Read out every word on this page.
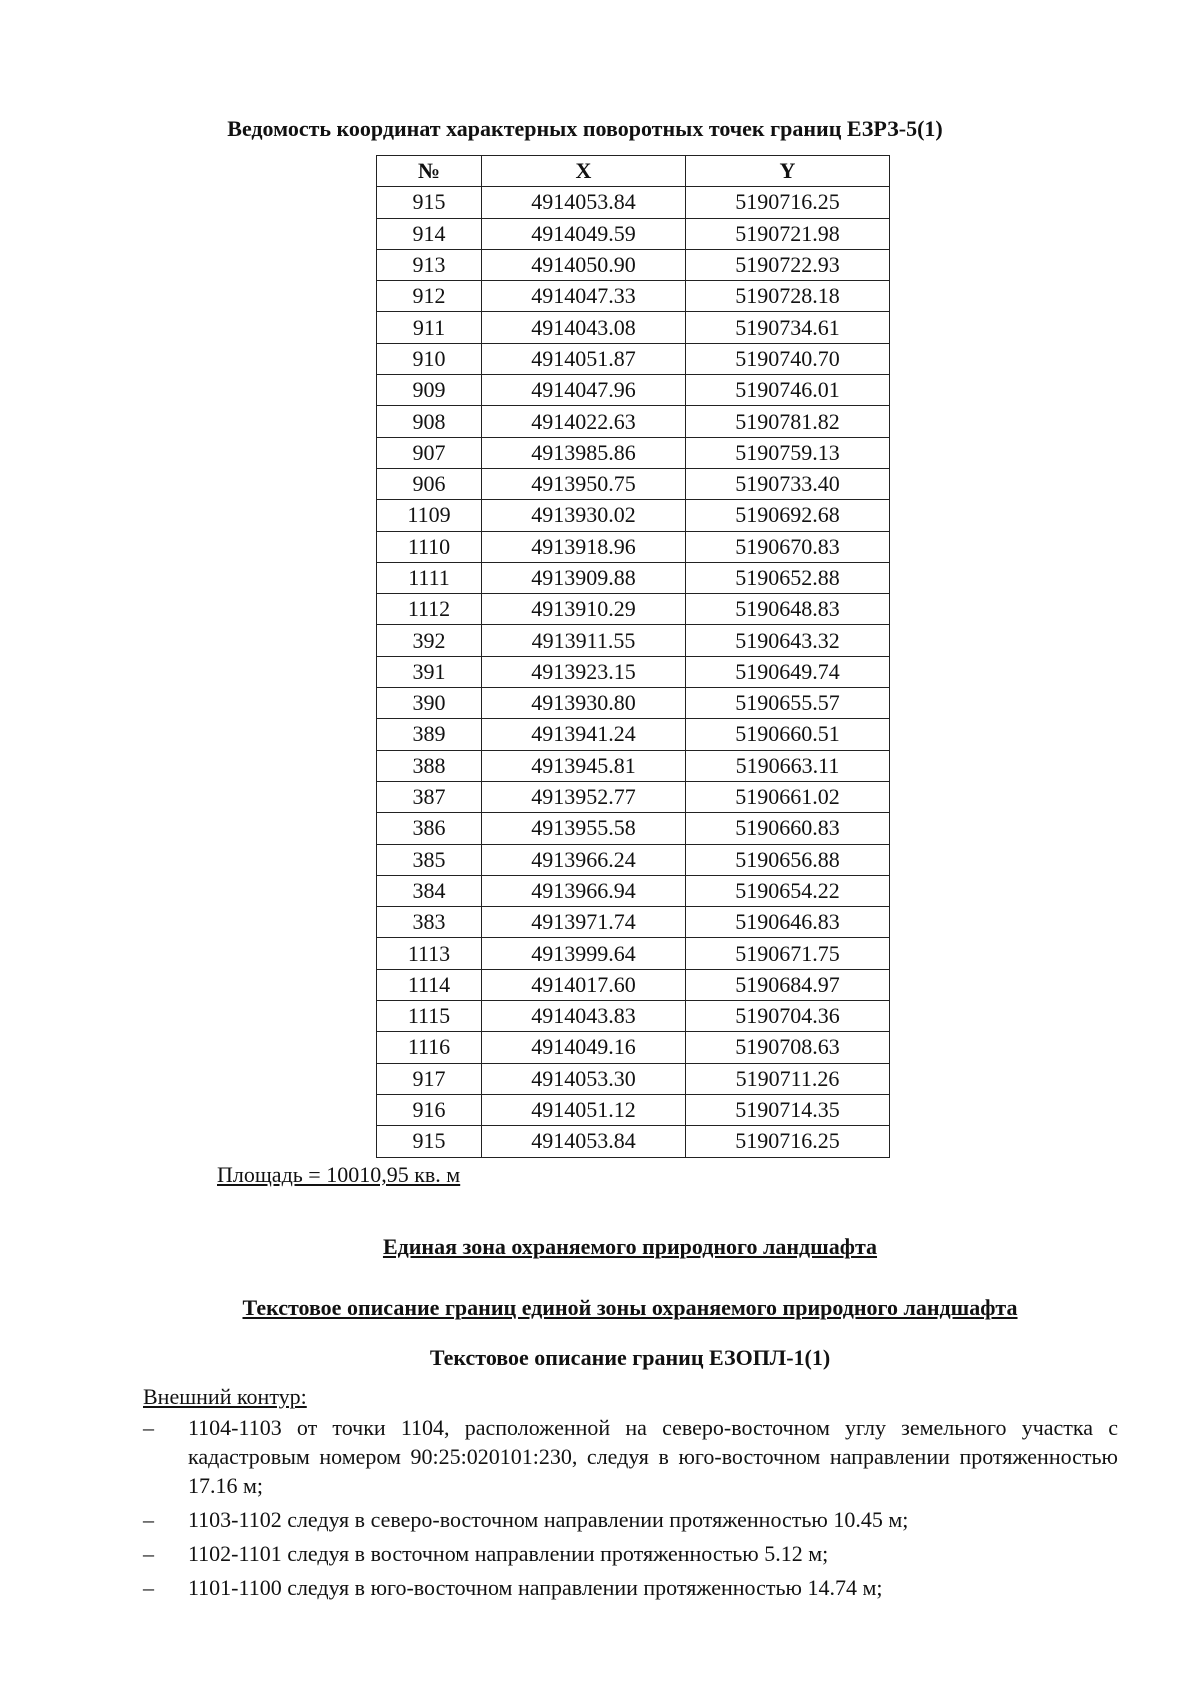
Ведомость координат характерных поворотных точек границ ЕЗРЗ-5(1)
№	X	Y
915	4914053.84	5190716.25
914	4914049.59	5190721.98
913	4914050.90	5190722.93
912	4914047.33	5190728.18
911	4914043.08	5190734.61
910	4914051.87	5190740.70
909	4914047.96	5190746.01
908	4914022.63	5190781.82
907	4913985.86	5190759.13
906	4913950.75	5190733.40
1109	4913930.02	5190692.68
1110	4913918.96	5190670.83
1111	4913909.88	5190652.88
1112	4913910.29	5190648.83
392	4913911.55	5190643.32
391	4913923.15	5190649.74
390	4913930.80	5190655.57
389	4913941.24	5190660.51
388	4913945.81	5190663.11
387	4913952.77	5190661.02
386	4913955.58	5190660.83
385	4913966.24	5190656.88
384	4913966.94	5190654.22
383	4913971.74	5190646.83
1113	4913999.64	5190671.75
1114	4914017.60	5190684.97
1115	4914043.83	5190704.36
1116	4914049.16	5190708.63
917	4914053.30	5190711.26
916	4914051.12	5190714.35
915	4914053.84	5190716.25
Площадь = 10010,95 кв. м
Единая зона охраняемого природного ландшафта
Текстовое описание границ единой зоны охраняемого природного ландшафта
Текстовое описание границ ЕЗОПЛ-1(1)
Внешний контур:
– 1104-1103 от точки 1104, расположенной на северо-восточном углу земельного участка с кадастровым номером 90:25:020101:230, следуя в юго-восточном направлении протяженностью 17.16 м;
– 1103-1102 следуя в северо-восточном направлении протяженностью 10.45 м;
– 1102-1101 следуя в восточном направлении протяженностью 5.12 м;
– 1101-1100 следуя в юго-восточном направлении протяженностью 14.74 м;
